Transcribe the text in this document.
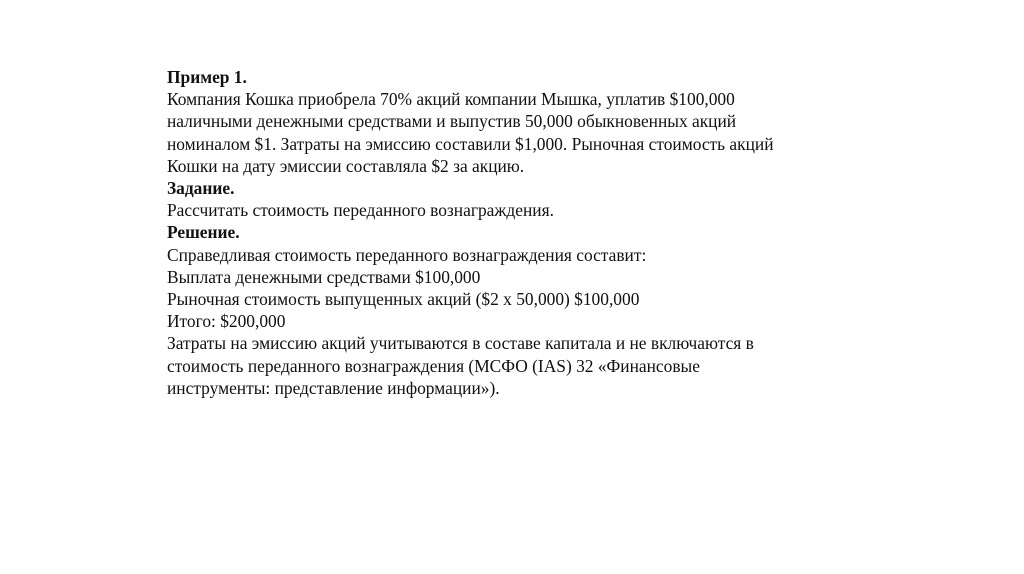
Пример 1.
Компания Кошка приобрела 70% акций компании Мышка, уплатив $100,000
наличными денежными средствами и выпустив 50,000 обыкновенных акций
номиналом $1. Затраты на эмиссию составили $1,000. Рыночная стоимость акций
Кошки на дату эмиссии составляла $2 за акцию.
Задание.
Рассчитать стоимость переданного вознаграждения.
Решение.
Справедливая стоимость переданного вознаграждения составит:
Выплата денежными средствами $100,000
Рыночная стоимость выпущенных акций ($2 x 50,000) $100,000
Итого: $200,000
Затраты на эмиссию акций учитываются в составе капитала и не включаются в
стоимость переданного вознаграждения (МСФО (IAS) 32 «Финансовые
инструменты: представление информации»).
